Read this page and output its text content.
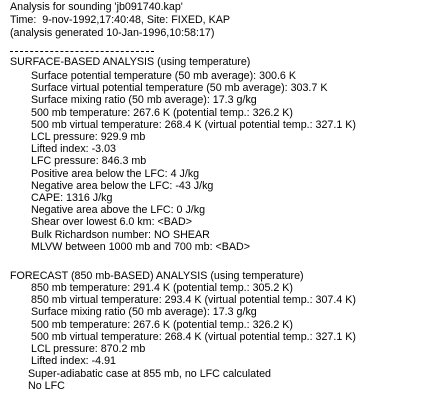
Analysis for sounding 'jb091740.kap'
Time:  9-nov-1992,17:40:48, Site: FIXED, KAP
(analysis generated 10-Jan-1996,10:58:17)
SURFACE-BASED ANALYSIS (using temperature)
Surface potential temperature (50 mb average): 300.6 K
Surface virtual potential temperature (50 mb average): 303.7 K
Surface mixing ratio (50 mb average): 17.3 g/kg
500 mb temperature: 267.6 K (potential temp.: 326.2 K)
500 mb virtual temperature: 268.4 K (virtual potential temp.: 327.1 K)
LCL pressure: 929.9 mb
Lifted index: -3.03
LFC pressure: 846.3 mb
Positive area below the LFC: 4 J/kg
Negative area below the LFC: -43 J/kg
CAPE: 1316 J/kg
Negative area above the LFC: 0 J/kg
Shear over lowest 6.0 km: <BAD>
Bulk Richardson number: NO SHEAR
MLVW between 1000 mb and 700 mb: <BAD>
FORECAST (850 mb-BASED) ANALYSIS (using temperature)
850 mb temperature: 291.4 K (potential temp.: 305.2 K)
850 mb virtual temperature: 293.4 K (virtual potential temp.: 307.4 K)
Surface mixing ratio (50 mb average): 17.3 g/kg
500 mb temperature: 267.6 K (potential temp.: 326.2 K)
500 mb virtual temperature: 268.4 K (virtual potential temp.: 327.1 K)
LCL pressure: 870.2 mb
Lifted index: -4.91
Super-adiabatic case at 855 mb, no LFC calculated
No LFC
